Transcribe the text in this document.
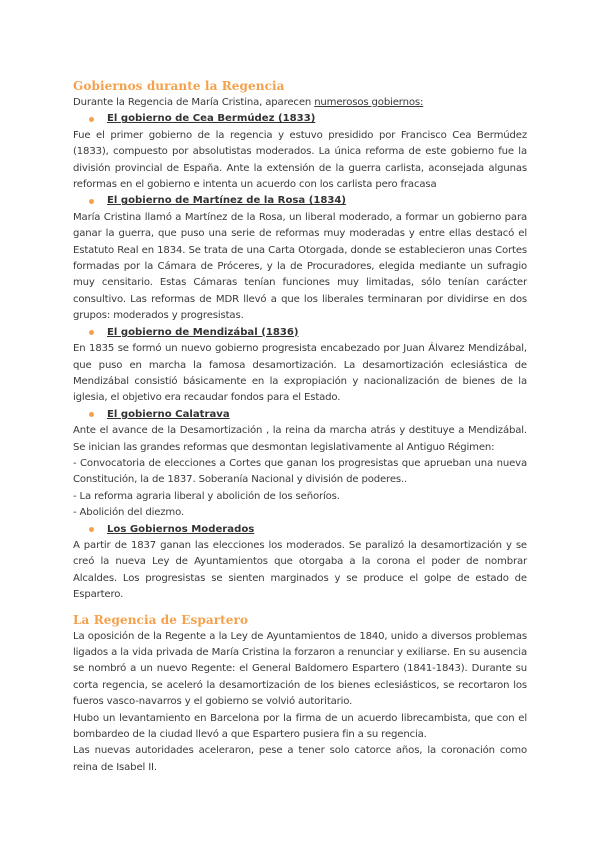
Gobiernos durante la Regencia

Durante la Regencia de María Cristina, aparecen numerosos gobiernos:

El gobierno de Cea Bermúdez (1833)

Fue el primer gobierno de la regencia y estuvo presidido por Francisco Cea Bermúdez (1833), compuesto por absolutistas moderados. La única reforma de este gobierno fue la división provincial de España. Ante la extensión de la guerra carlista, aconsejada algunas reformas en el gobierno e intenta un acuerdo con los carlista pero fracasa

El gobierno de Martínez de la Rosa (1834)

María Cristina llamó a Martínez de la Rosa, un liberal moderado, a formar un gobierno para ganar la guerra, que puso una serie de reformas muy moderadas y entre ellas destacó el Estatuto Real en 1834. Se trata de una Carta Otorgada, donde se establecieron unas Cortes formadas por la Cámara de Próceres, y la de Procuradores, elegida mediante un sufragio muy censitario. Estas Cámaras tenían funciones muy limitadas, sólo tenían carácter consultivo. Las reformas de MDR llevó a que los liberales terminaran por dividirse en dos grupos: moderados y progresistas.

El gobierno de Mendizábal (1836)

En 1835 se formó un nuevo gobierno progresista encabezado por Juan Álvarez Mendizábal, que puso en marcha la famosa desamortización. La desamortización eclesiástica de Mendizábal consistió básicamente en la expropiación y nacionalización de bienes de la iglesia, el objetivo era recaudar fondos para el Estado.

El gobierno Calatrava

Ante el avance de la Desamortización , la reina da marcha atrás y destituye a Mendizábal. Se inician las grandes reformas que desmontan legislativamente al Antiguo Régimen:

- Convocatoria de elecciones a Cortes que ganan los progresistas que aprueban una nueva Constitución, la de 1837. Soberanía Nacional y división de poderes..

- La reforma agraria liberal y abolición de los señoríos.

- Abolición del diezmo.

Los Gobiernos Moderados

A partir de 1837 ganan las elecciones los moderados. Se paralizó la desamortización y se creó la nueva Ley de Ayuntamientos que otorgaba a la corona el poder de nombrar Alcaldes. Los progresistas se sienten marginados y se produce el golpe de estado de Espartero.

La Regencia de Espartero

La oposición de la Regente a la Ley de Ayuntamientos de 1840, unido a diversos problemas ligados a la vida privada de María Cristina la forzaron a renunciar y exiliarse. En su ausencia se nombró a un nuevo Regente: el General Baldomero Espartero (1841-1843). Durante su corta regencia, se aceleró la desamortización de los bienes eclesiásticos, se recortaron los fueros vasco-navarros y el gobierno se volvió autoritario.

Hubo un levantamiento en Barcelona por la firma de un acuerdo librecambista, que con el bombardeo de la ciudad llevó a que Espartero pusiera fin a su regencia.

Las nuevas autoridades aceleraron, pese a tener solo catorce años, la coronación como reina de Isabel II.
